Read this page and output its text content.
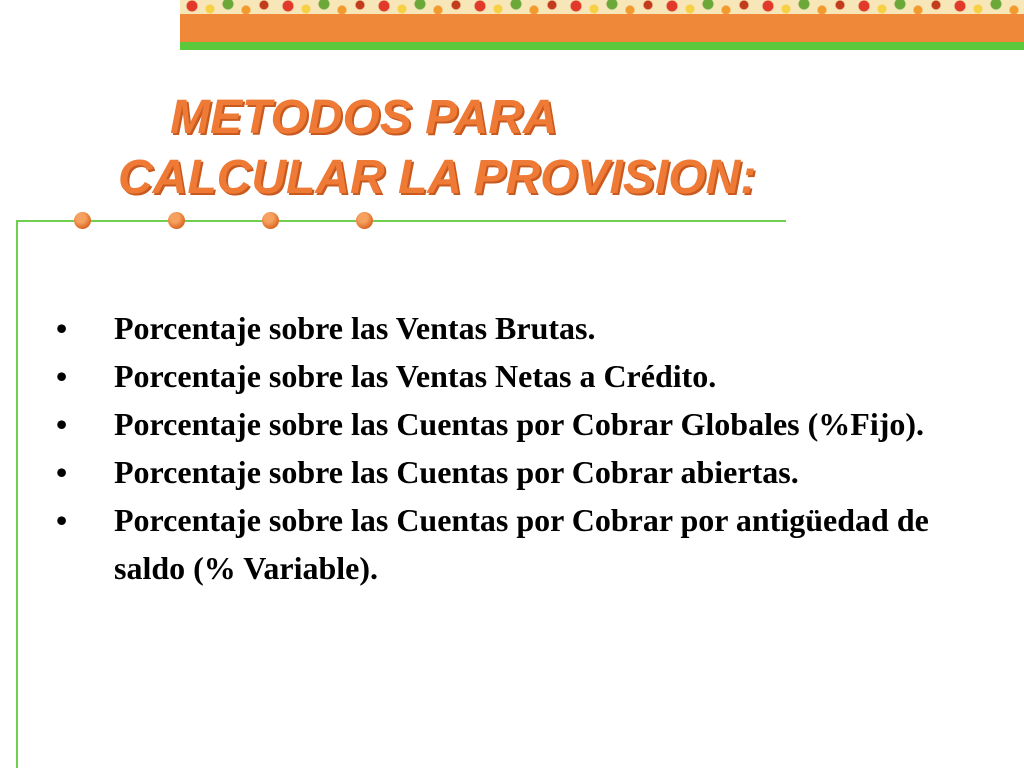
METODOS PARA
CALCULAR LA PROVISION:
• Porcentaje sobre las Ventas Brutas.
• Porcentaje sobre las Ventas Netas a Crédito.
• Porcentaje sobre las Cuentas por Cobrar Globales (%Fijo).
• Porcentaje sobre las Cuentas por Cobrar abiertas.
• Porcentaje sobre las Cuentas por Cobrar por antigüedad de saldo (% Variable).
